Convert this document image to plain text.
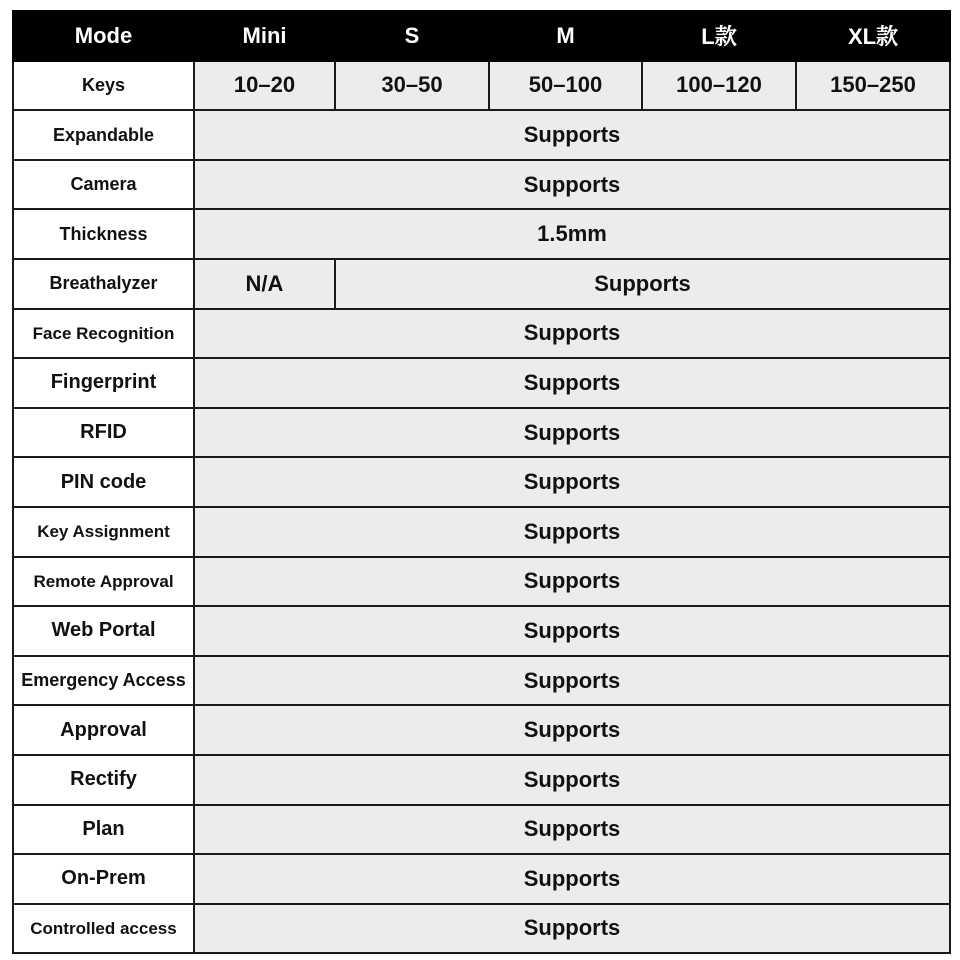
Mode	Mini	S	M	L款	XL款
Keys	10–20	30–50	50–100	100–120	150–250
Expandable	Supports				
Camera	Supports				
Thickness	1.5mm				
Breathalyzer	N/A	Supports			
Face Recognition	Supports				
Fingerprint	Supports				
RFID	Supports				
PIN code	Supports				
Key Assignment	Supports				
Remote Approval	Supports				
Web Portal	Supports				
Emergency Access	Supports				
Approval	Supports				
Rectify	Supports				
Plan	Supports				
On-Prem	Supports				
Controlled access	Supports				
